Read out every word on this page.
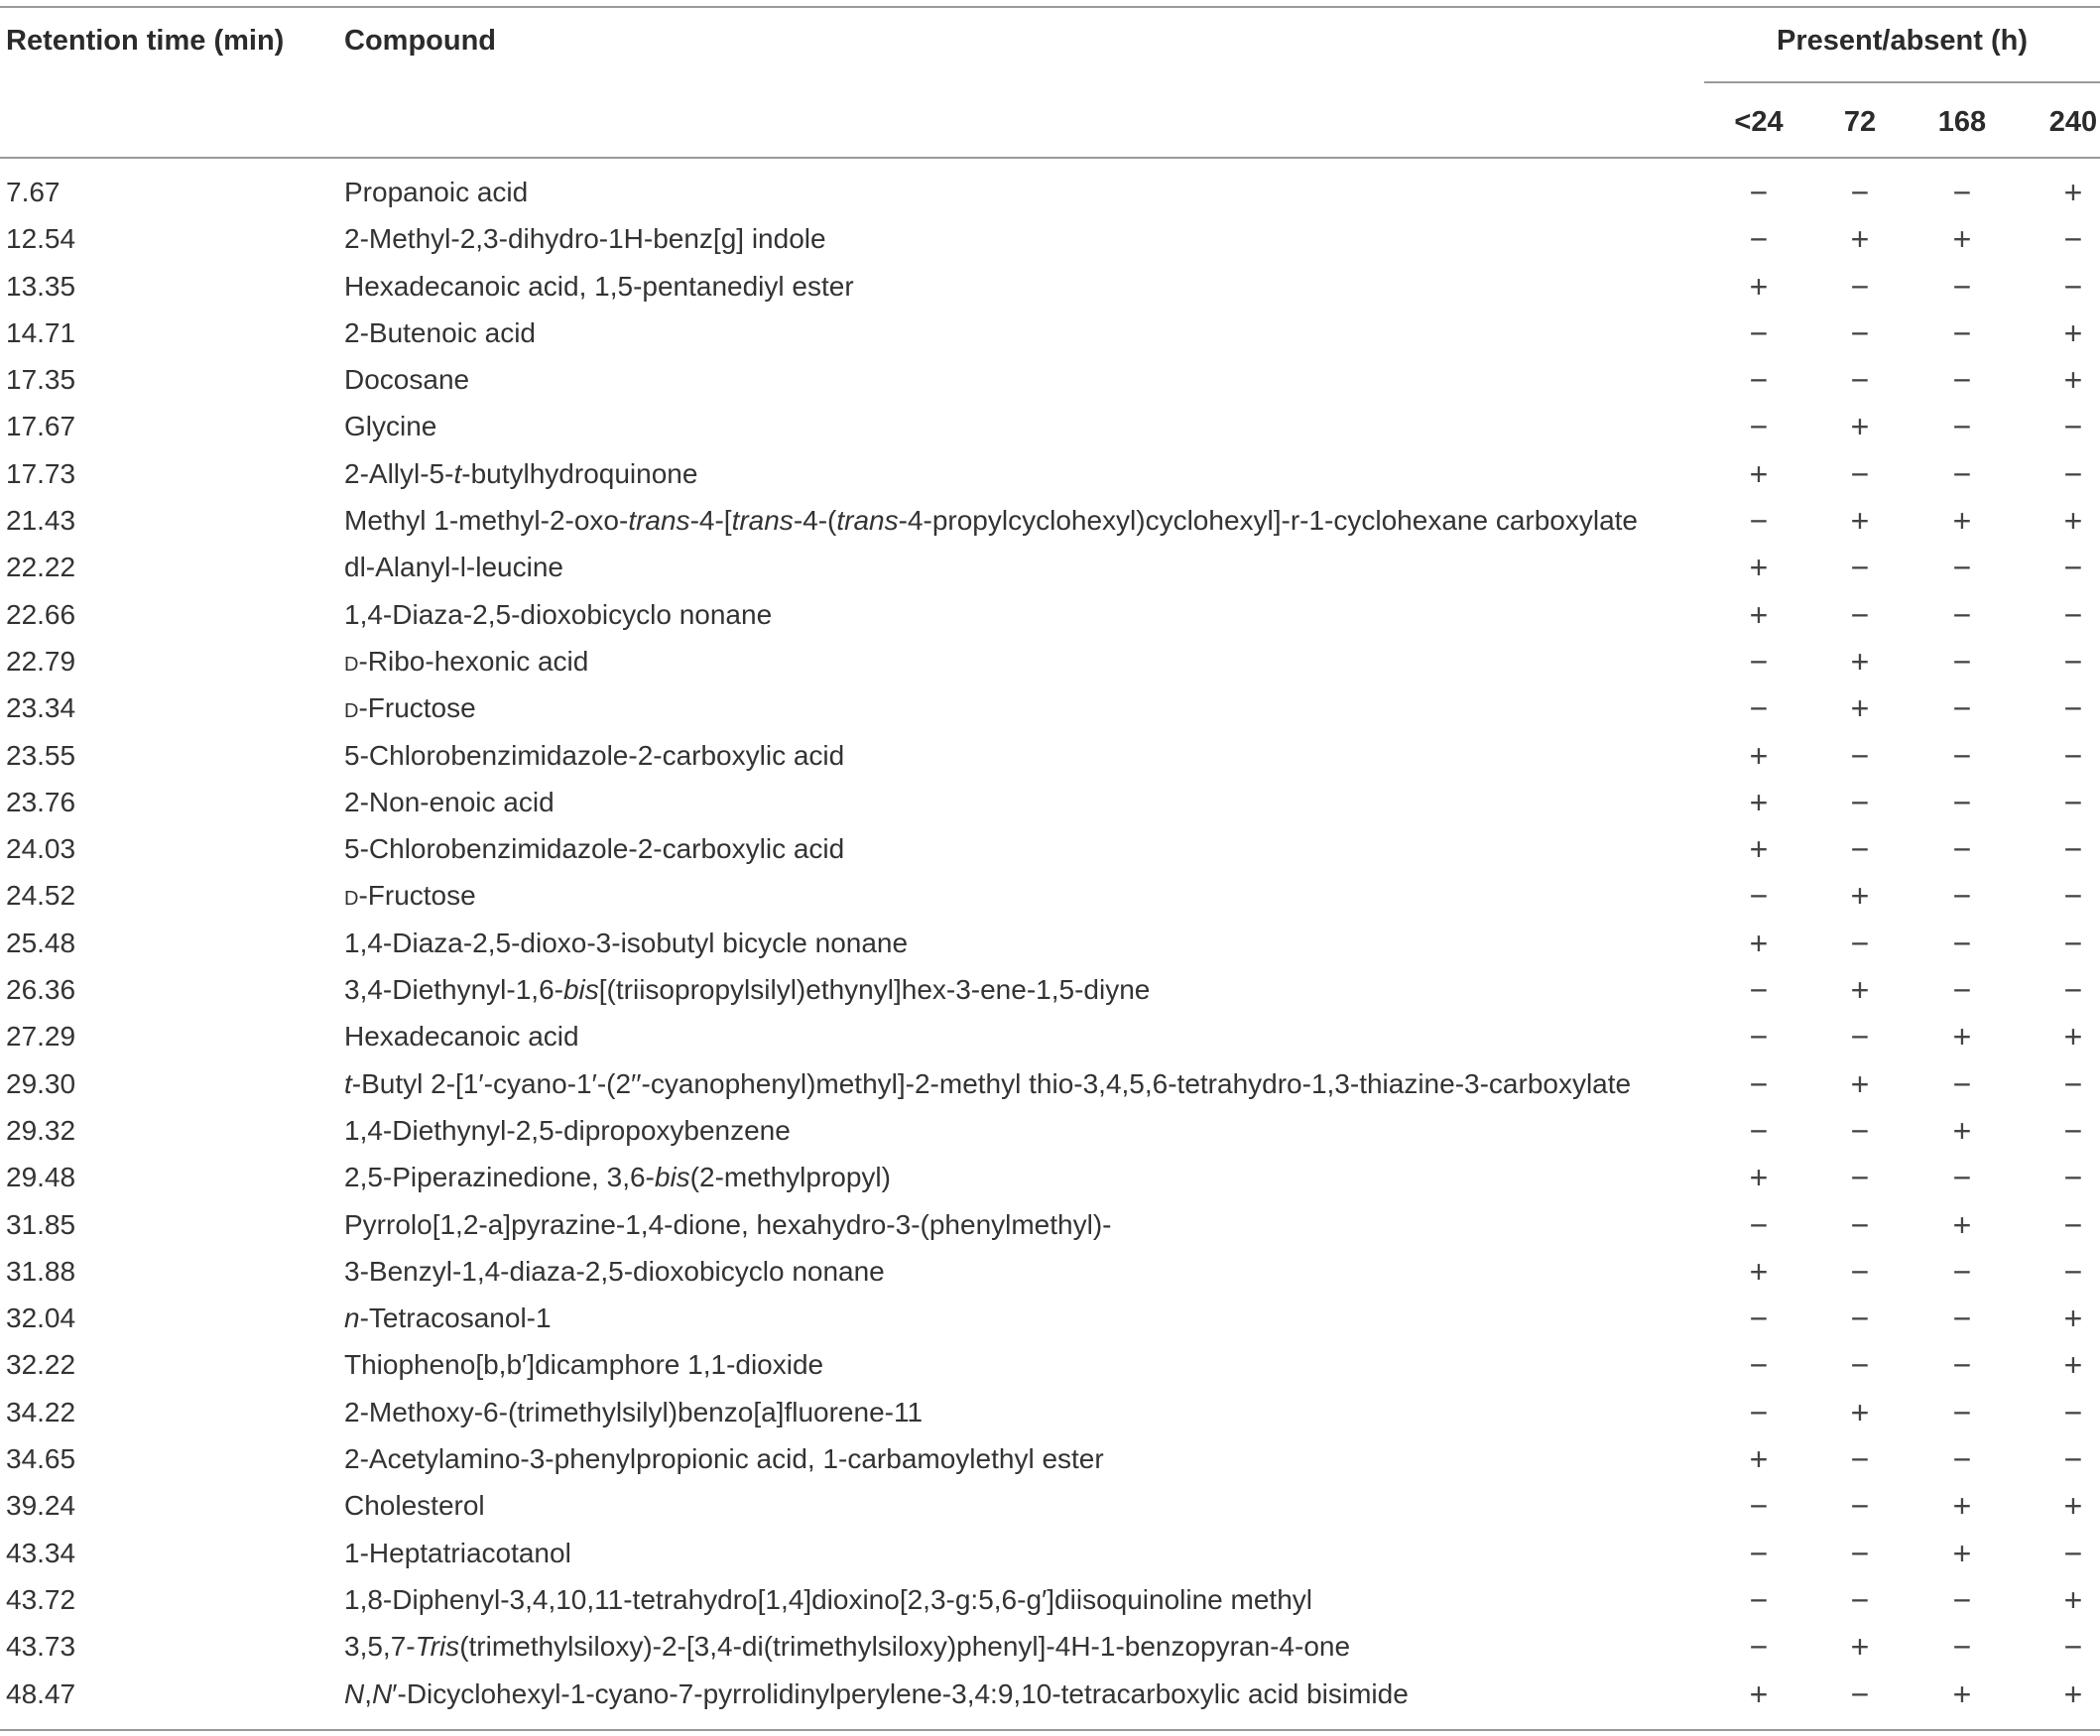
Retention time (min) Compound	Present/absent (h)
<24	72	168	240
7.67	Propanoic acid	−	−	−	+
12.54	2-Methyl-2,3-dihydro-1H-benz[g] indole	−	+	+	−
13.35	Hexadecanoic acid, 1,5-pentanediyl ester	+	−	−	−
14.71	2-Butenoic acid	−	−	−	+
17.35	Docosane	−	−	−	+
17.67	Glycine	−	+	−	−
17.73	2-Allyl-5-t-butylhydroquinone	+	−	−	−
21.43	Methyl 1-methyl-2-oxo-trans-4-[trans-4-(trans-4-propylcyclohexyl)cyclohexyl]-r-1-cyclohexane carboxylate	−	+	+	+
22.22	dl-Alanyl-l-leucine	+	−	−	−
22.66	1,4-Diaza-2,5-dioxobicyclo nonane	+	−	−	−
22.79	d-Ribo-hexonic acid	−	+	−	−
23.34	d-Fructose	−	+	−	−
23.55	5-Chlorobenzimidazole-2-carboxylic acid	+	−	−	−
23.76	2-Non-enoic acid	+	−	−	−
24.03	5-Chlorobenzimidazole-2-carboxylic acid	+	−	−	−
24.52	d-Fructose	−	+	−	−
25.48	1,4-Diaza-2,5-dioxo-3-isobutyl bicycle nonane	+	−	−	−
26.36	3,4-Diethynyl-1,6-bis[(triisopropylsilyl)ethynyl]hex-3-ene-1,5-diyne	−	+	−	−
27.29	Hexadecanoic acid	−	−	+	+
29.30	t-Butyl 2-[1′-cyano-1′-(2′′-cyanophenyl)methyl]-2-methyl thio-3,4,5,6-tetrahydro-1,3-thiazine-3-carboxylate	−	+	−	−
29.32	1,4-Diethynyl-2,5-dipropoxybenzene	−	−	+	−
29.48	2,5-Piperazinedione, 3,6-bis(2-methylpropyl)	+	−	−	−
31.85	Pyrrolo[1,2-a]pyrazine-1,4-dione, hexahydro-3-(phenylmethyl)-	−	−	+	−
31.88	3-Benzyl-1,4-diaza-2,5-dioxobicyclo nonane	+	−	−	−
32.04	n-Tetracosanol-1	−	−	−	+
32.22	Thiopheno[b,b′]dicamphore 1,1-dioxide	−	−	−	+
34.22	2-Methoxy-6-(trimethylsilyl)benzo[a]fluorene-11	−	+	−	−
34.65	2-Acetylamino-3-phenylpropionic acid, 1-carbamoylethyl ester	+	−	−	−
39.24	Cholesterol	−	−	+	+
43.34	1-Heptatriacotanol	−	−	+	−
43.72	1,8-Diphenyl-3,4,10,11-tetrahydro[1,4]dioxino[2,3-g:5,6-g′]diisoquinoline methyl	−	−	−	+
43.73	3,5,7-Tris(trimethylsiloxy)-2-[3,4-di(trimethylsiloxy)phenyl]-4H-1-benzopyran-4-one	−	+	−	−
48.47	N,N′-Dicyclohexyl-1-cyano-7-pyrrolidinylperylene-3,4:9,10-tetracarboxylic acid bisimide	+	−	+	+
